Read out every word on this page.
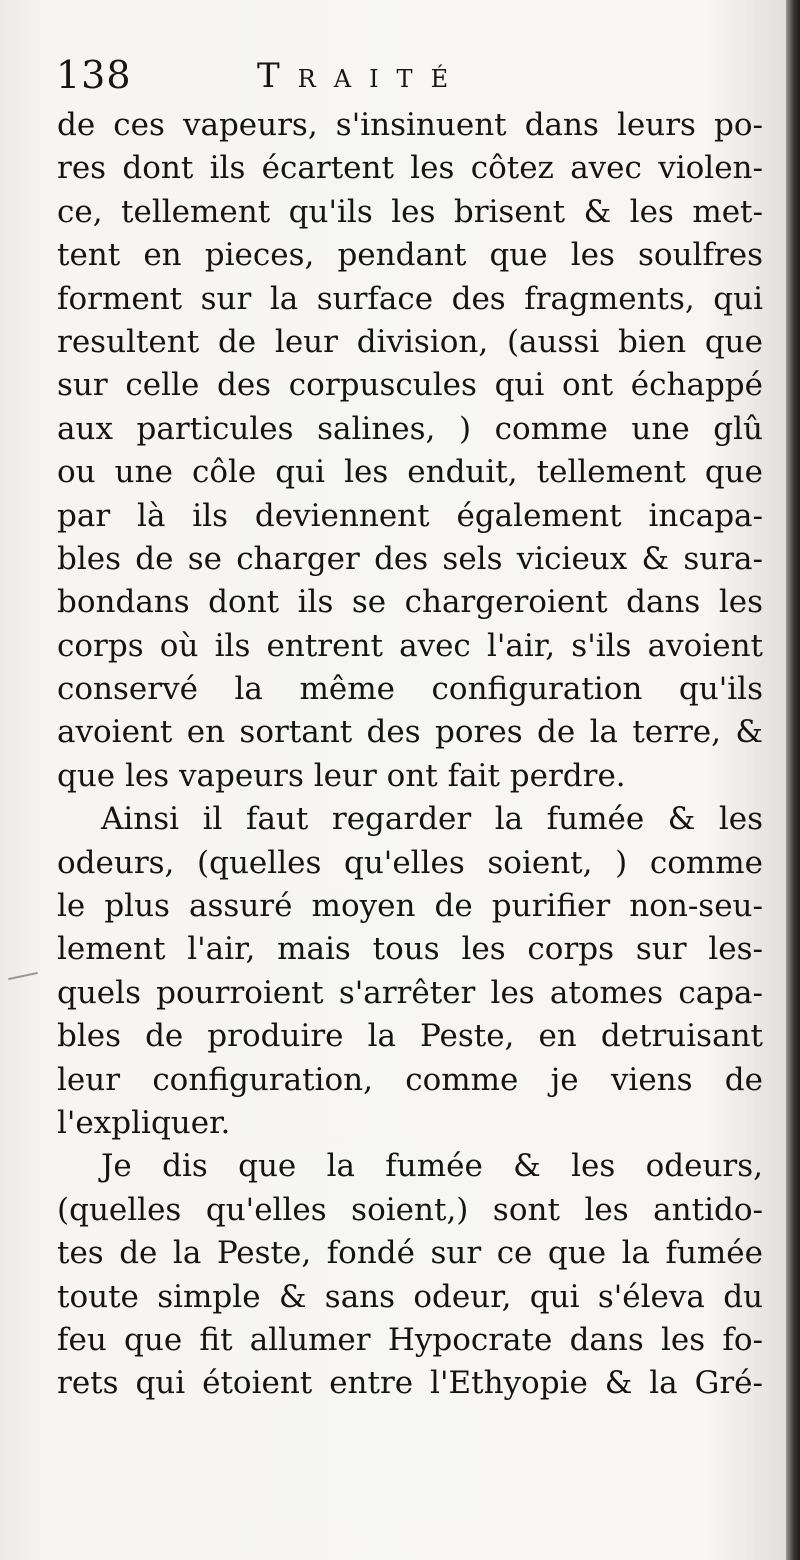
138	Traité
de ces vapeurs, s'insinuent dans leurs po-
res dont ils écartent les côtez avec violen-
ce, tellement qu'ils les brisent & les met-
tent en pieces, pendant que les soulfres
forment sur la surface des fragments, qui
resultent de leur division, (aussi bien que
sur celle des corpuscules qui ont échappé
aux particules salines, ) comme une glû
ou une côle qui les enduit, tellement que
par là ils deviennent également incapa-
bles de se charger des sels vicieux & sura-
bondans dont ils se chargeroient dans les
corps où ils entrent avec l'air, s'ils avoient
conservé la même configuration qu'ils
avoient en sortant des pores de la terre, &
que les vapeurs leur ont fait perdre.
Ainsi il faut regarder la fumée & les
odeurs, (quelles qu'elles soient, ) comme
le plus assuré moyen de purifier non-seu-
lement l'air, mais tous les corps sur les-
quels pourroient s'arrêter les atomes capa-
bles de produire la Peste, en detruisant
leur configuration, comme je viens de
l'expliquer.
Je dis que la fumée & les odeurs,
(quelles qu'elles soient,) sont les antido-
tes de la Peste, fondé sur ce que la fumée
toute simple & sans odeur, qui s'éleva du
feu que fit allumer Hypocrate dans les fo-
rets qui étoient entre l'Ethyopie & la Gré-
